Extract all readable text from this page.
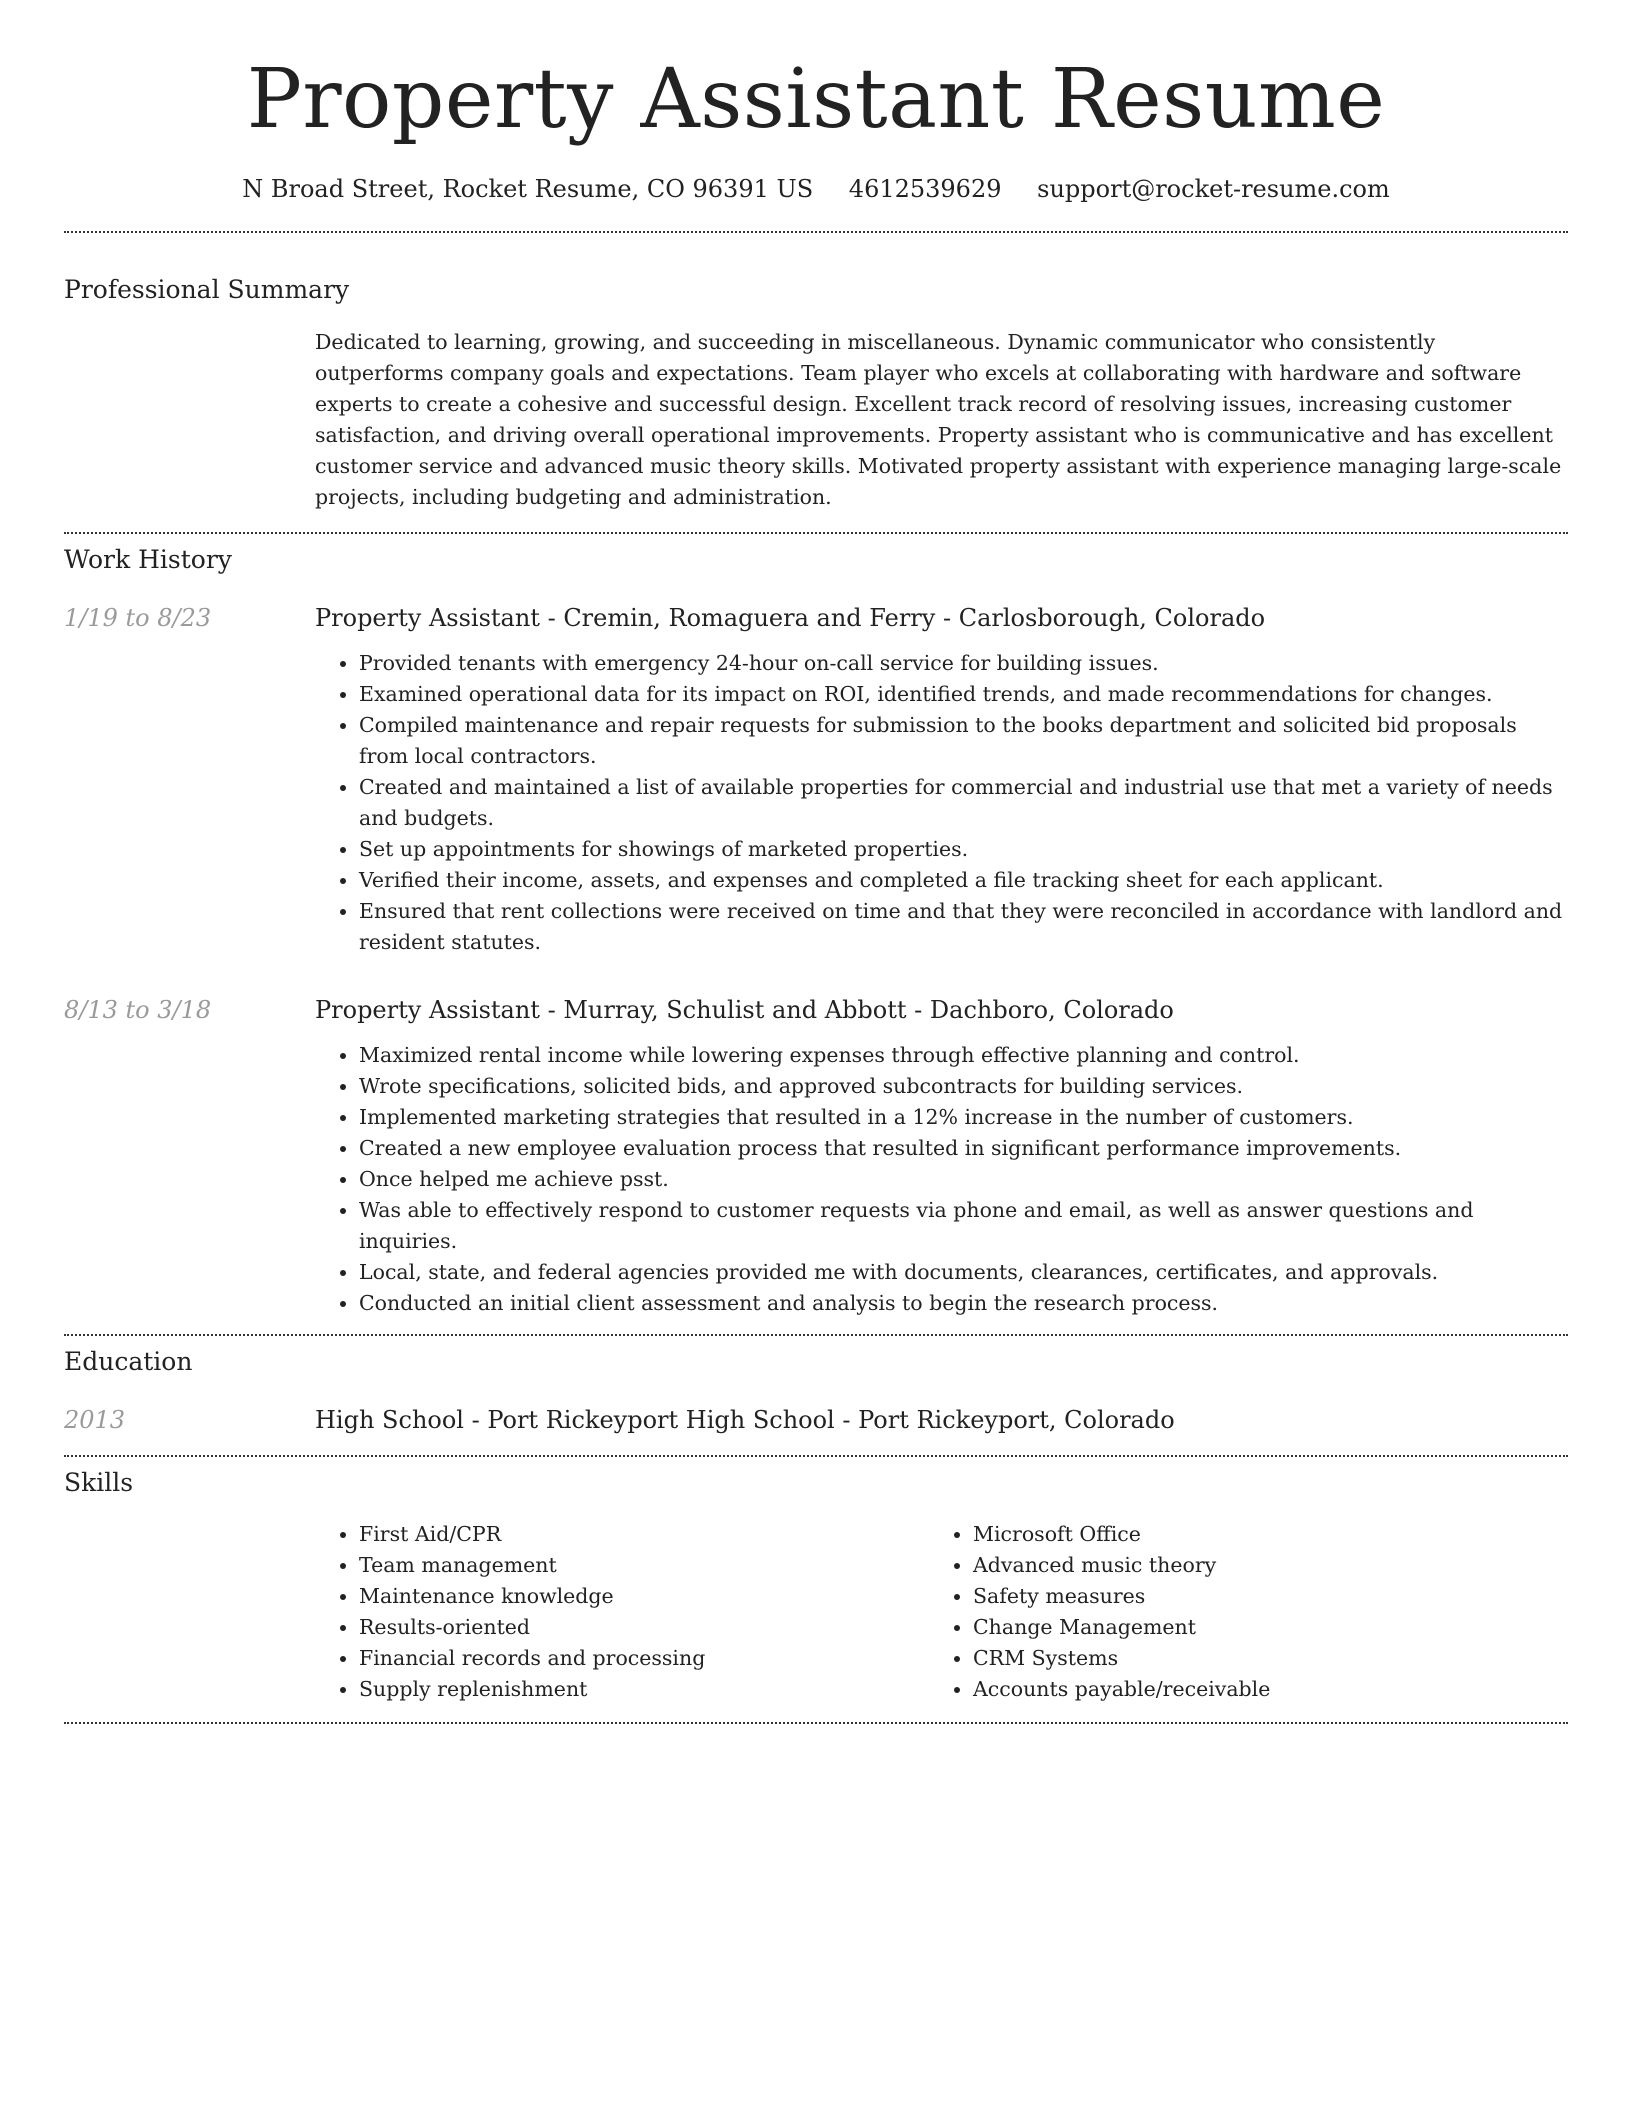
Property Assistant Resume
N Broad Street, Rocket Resume, CO 96391 US 4612539629 support@rocket-resume.com
Professional Summary
Dedicated to learning, growing, and succeeding in miscellaneous. Dynamic communicator who consistently outperforms company goals and expectations. Team player who excels at collaborating with hardware and software experts to create a cohesive and successful design. Excellent track record of resolving issues, increasing customer satisfaction, and driving overall operational improvements. Property assistant who is communicative and has excellent customer service and advanced music theory skills. Motivated property assistant with experience managing large-scale projects, including budgeting and administration.
Work History
1/19 to 8/23	Property Assistant - Cremin, Romaguera and Ferry - Carlosborough, Colorado
• Provided tenants with emergency 24-hour on-call service for building issues.
• Examined operational data for its impact on ROI, identified trends, and made recommendations for changes.
• Compiled maintenance and repair requests for submission to the books department and solicited bid proposals from local contractors.
• Created and maintained a list of available properties for commercial and industrial use that met a variety of needs and budgets.
• Set up appointments for showings of marketed properties.
• Verified their income, assets, and expenses and completed a file tracking sheet for each applicant.
• Ensured that rent collections were received on time and that they were reconciled in accordance with landlord and resident statutes.
8/13 to 3/18	Property Assistant - Murray, Schulist and Abbott - Dachboro, Colorado
• Maximized rental income while lowering expenses through effective planning and control.
• Wrote specifications, solicited bids, and approved subcontracts for building services.
• Implemented marketing strategies that resulted in a 12% increase in the number of customers.
• Created a new employee evaluation process that resulted in significant performance improvements.
• Once helped me achieve psst.
• Was able to effectively respond to customer requests via phone and email, as well as answer questions and inquiries.
• Local, state, and federal agencies provided me with documents, clearances, certificates, and approvals.
• Conducted an initial client assessment and analysis to begin the research process.
Education
2013	High School - Port Rickeyport High School - Port Rickeyport, Colorado
Skills
• First Aid/CPR
• Team management
• Maintenance knowledge
• Results-oriented
• Financial records and processing
• Supply replenishment
• Microsoft Office
• Advanced music theory
• Safety measures
• Change Management
• CRM Systems
• Accounts payable/receivable
